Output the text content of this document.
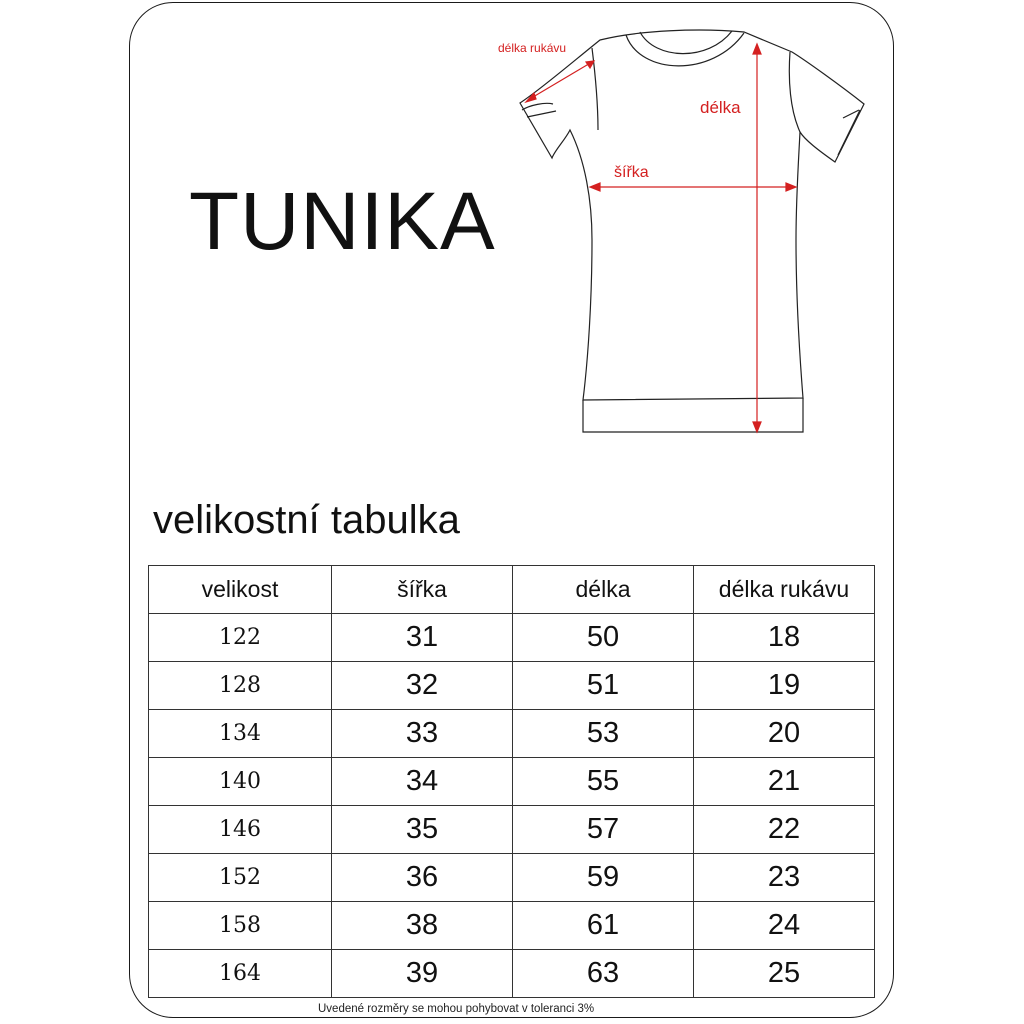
TUNIKA
délka rukávu
délka
šířka
velikostní tabulka
velikost	šířka	délka	délka rukávu
122	31	50	18
128	32	51	19
134	33	53	20
140	34	55	21
146	35	57	22
152	36	59	23
158	38	61	24
164	39	63	25
Uvedené rozměry se mohou pohybovat v toleranci 3%
